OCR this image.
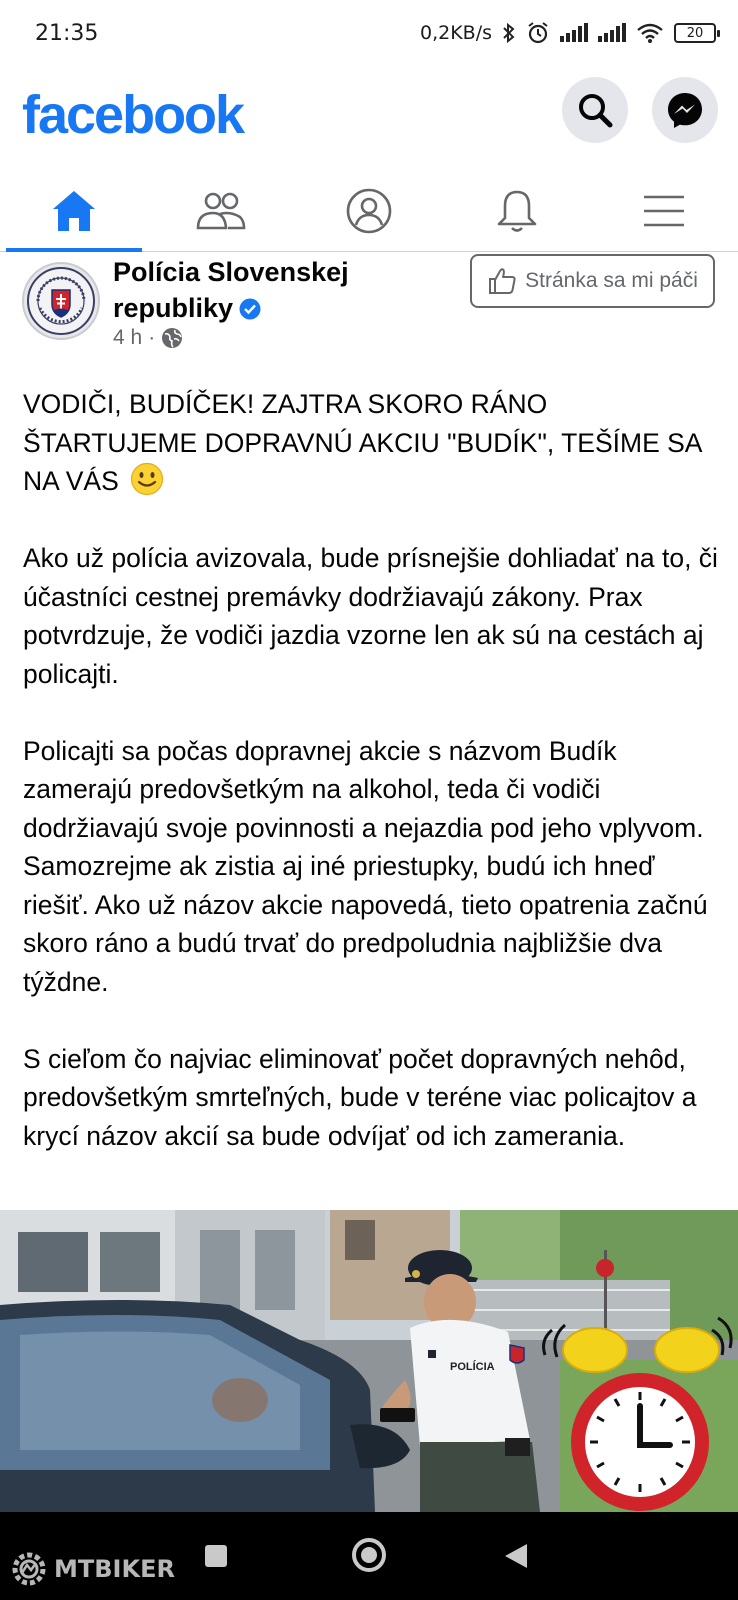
21:35	0,2KB/s	20
facebook
Polícia Slovenskej republiky
4 h ·
Stránka sa mi páči

VODIČI, BUDÍČEK! ZAJTRA SKORO RÁNO ŠTARTUJEME DOPRAVNÚ AKCIU "BUDÍK", TEŠÍME SA NA VÁS

Ako už polícia avizovala, bude prísnejšie dohliadať na to, či účastníci cestnej premávky dodržiavajú zákony. Prax potvrdzuje, že vodiči jazdia vzorne len ak sú na cestách aj policajti.

Policajti sa počas dopravnej akcie s názvom Budík zamerajú predovšetkým na alkohol, teda či vodiči dodržiavajú svoje povinnosti a nejazdia pod jeho vplyvom. Samozrejme ak zistia aj iné priestupky, budú ich hneď riešiť. Ako už názov akcie napovedá, tieto opatrenia začnú skoro ráno a budú trvať do predpoludnia najbližšie dva týždne.

S cieľom čo najviac eliminovať počet dopravných nehôd, predovšetkým smrteľných, bude v teréne viac policajtov a krycí názov akcií sa bude odvíjať od ich zamerania.

POLÍCIA
MTBIKER
